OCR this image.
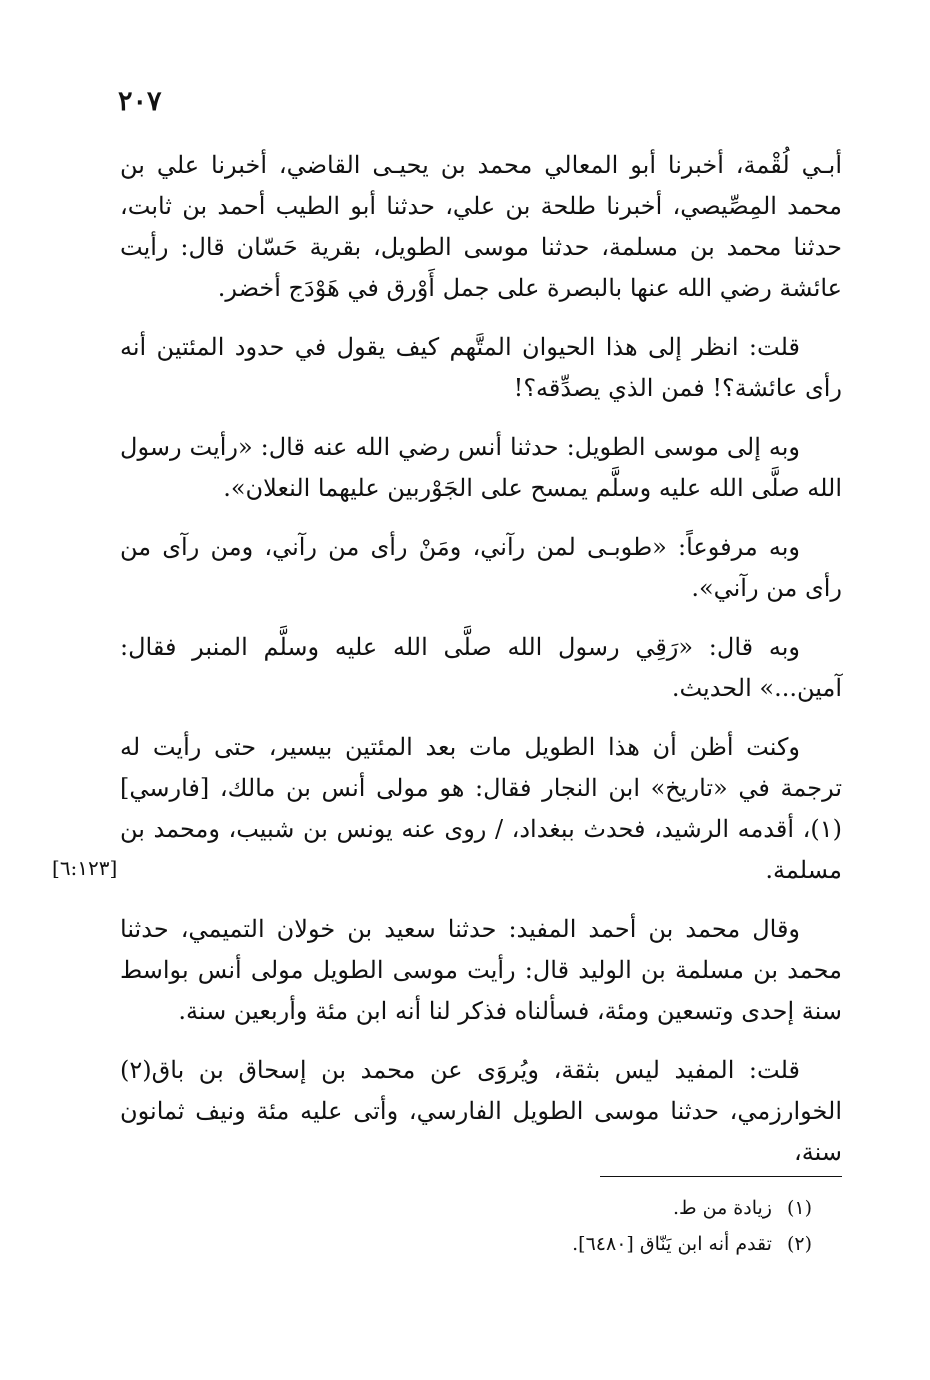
٢٠٧

أبـي لُقْمة، أخبرنا أبو المعالي محمد بن يحيـى القاضي، أخبرنا علي بن محمد المِصِّيصي، أخبرنا طلحة بن علي، حدثنا أبو الطيب أحمد بن ثابت، حدثنا محمد بن مسلمة، حدثنا موسى الطويل، بقرية حَسّان قال: رأيت عائشة رضي الله عنها بالبصرة على جمل أَوْرق في هَوْدَج أخضر.

قلت: انظر إلى هذا الحيوان المتَّهم كيف يقول في حدود المئتين أنه رأى عائشة؟! فمن الذي يصدِّقه؟!

وبه إلى موسى الطويل: حدثنا أنس رضي الله عنه قال: «رأيت رسول الله صلَّى الله عليه وسلَّم يمسح على الجَوْربين عليهما النعلان».

وبه مرفوعاً: «طوبـى لمن رآني، ومَنْ رأى من رآني، ومن رآى من رأى من رآني».

وبه قال: «رَقِي رسول الله صلَّى الله عليه وسلَّم المنبر فقال: آمين...» الحديث.

وكنت أظن أن هذا الطويل مات بعد المئتين بيسير، حتى رأيت له ترجمة في «تاريخ» ابن النجار فقال: هو مولى أنس بن مالك، [فارسي](١)، أقدمه الرشيد، فحدث ببغداد، / روى عنه يونس بن شبيب، ومحمد بن مسلمة.

وقال محمد بن أحمد المفيد: حدثنا سعيد بن خولان التميمي، حدثنا محمد بن مسلمة بن الوليد قال: رأيت موسى الطويل مولى أنس بواسط سنة إحدى وتسعين ومئة، فسألناه فذكر لنا أنه ابن مئة وأربعين سنة.

قلت: المفيد ليس بثقة، ويُروَى عن محمد بن إسحاق بن باق(٢) الخوارزمي، حدثنا موسى الطويل الفارسي، وأتى عليه مئة ونيف ثمانون سنة،

[٦:١٢٣]
(١) زيادة من ط.
(٢) تقدم أنه ابن يَنّاق [٦٤٨٠].
